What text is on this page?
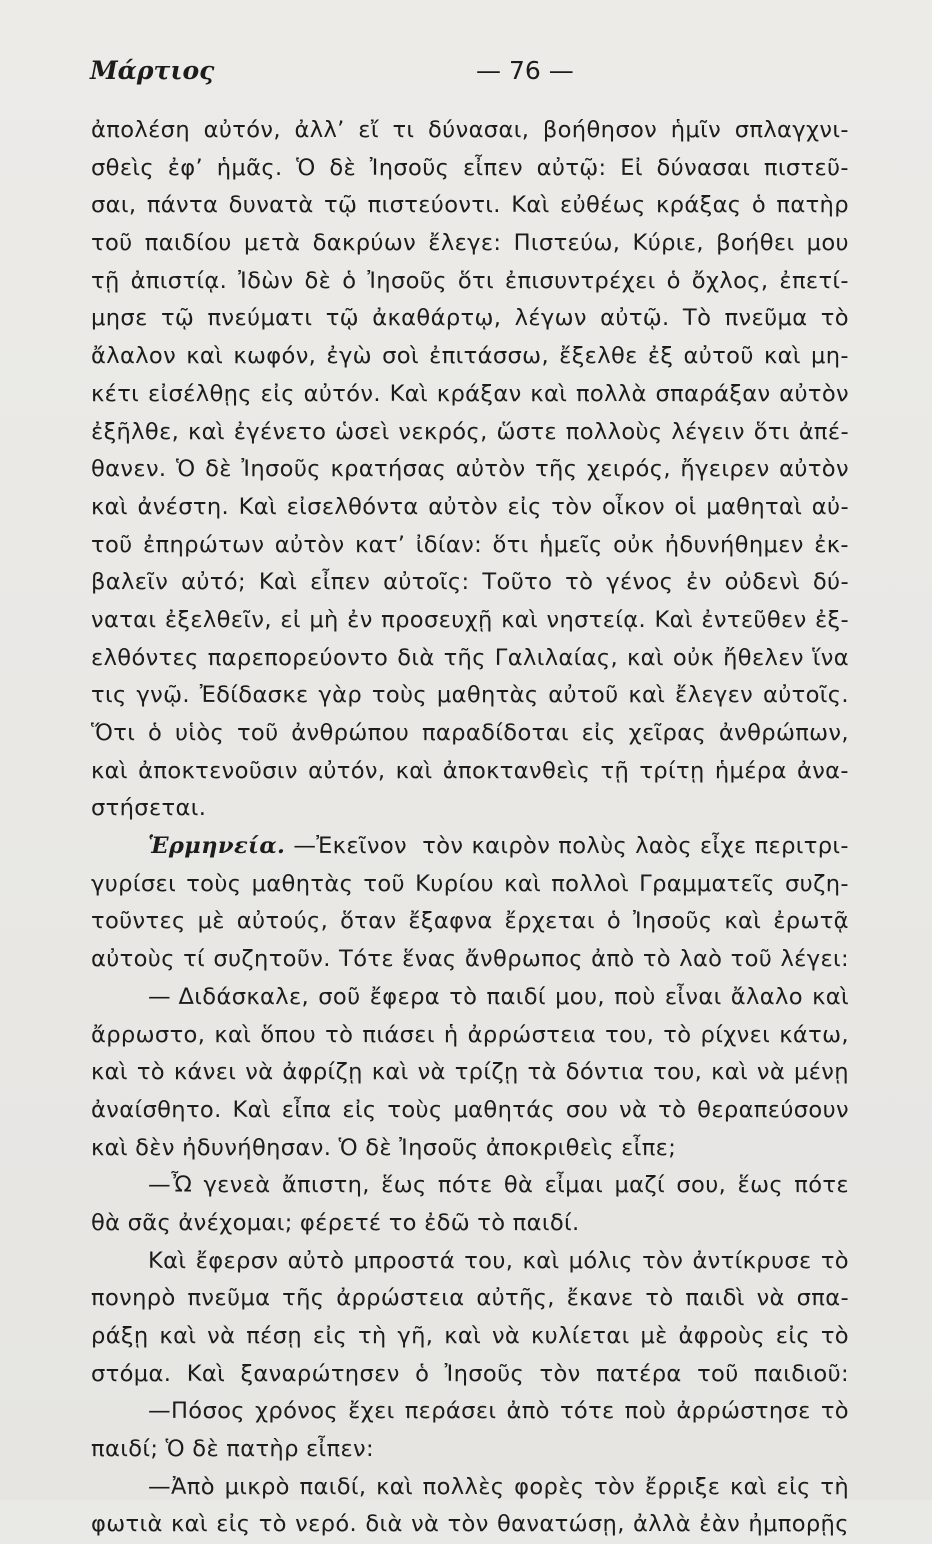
Μάρτιος	— 76 —
ἀπολέση αὐτόν, ἀλλ’ εἴ τι δύνασαι, βοήθησον ἡμῖν σπλαγχνι-
σθεὶς ἐφ’ ἡμᾶς. Ὁ δὲ Ἰησοῦς εἶπεν αὐτῷ: Εἰ δύνασαι πιστεῦ-
σαι, πάντα δυνατὰ τῷ πιστεύοντι. Καὶ εὐθέως κράξας ὁ πατὴρ
τοῦ παιδίου μετὰ δακρύων ἔλεγε: Πιστεύω, Κύριε, βοήθει μου
τῇ ἀπιστίᾳ. Ἰδὼν δὲ ὁ Ἰησοῦς ὅτι ἐπισυντρέχει ὁ ὄχλος, ἐπετί-
μησε τῷ πνεύματι τῷ ἀκαθάρτῳ, λέγων αὐτῷ. Τὸ πνεῦμα τὸ
ἄλαλον καὶ κωφόν, ἐγὼ σοὶ ἐπιτάσσω, ἔξελθε ἐξ αὐτοῦ καὶ μη-
κέτι εἰσέλθῃς εἰς αὐτόν. Καὶ κράξαν καὶ πολλὰ σπαράξαν αὐτὸν
ἐξῆλθε, καὶ ἐγένετο ὡσεὶ νεκρός, ὥστε πολλοὺς λέγειν ὅτι ἀπέ-
θανεν. Ὁ δὲ Ἰησοῦς κρατήσας αὐτὸν τῆς χειρός, ἤγειρεν αὐτὸν
καὶ ἀνέστη. Καὶ εἰσελθόντα αὐτὸν εἰς τὸν οἶκον οἱ μαθηταὶ αὐ-
τοῦ ἐπηρώτων αὐτὸν κατ’ ἰδίαν: ὅτι ἡμεῖς οὐκ ἠδυνήθημεν ἐκ-
βαλεῖν αὐτό; Καὶ εἶπεν αὐτοῖς: Τοῦτο τὸ γένος ἐν οὐδενὶ δύ-
ναται ἐξελθεῖν, εἰ μὴ ἐν προσευχῇ καὶ νηστείᾳ. Καὶ ἐντεῦθεν ἐξ-
ελθόντες παρεπορεύοντο διὰ τῆς Γαλιλαίας, καὶ οὐκ ἤθελεν ἵνα
τις γνῷ. Ἐδίδασκε γὰρ τοὺς μαθητὰς αὐτοῦ καὶ ἔλεγεν αὐτοῖς.
Ὅτι ὁ υἱὸς τοῦ ἀνθρώπου παραδίδοται εἰς χεῖρας ἀνθρώπων,
καὶ ἀποκτενοῦσιν αὐτόν, καὶ ἀποκτανθεὶς τῇ τρίτῃ ἡμέρα ἀνα-
στήσεται.
Ἑρμηνεία. —Ἐκεῖνον τὸν καιρὸν πολὺς λαὸς εἶχε περιτρι-
γυρίσει τοὺς μαθητὰς τοῦ Κυρίου καὶ πολλοὶ Γραμματεῖς συζη-
τοῦντες μὲ αὐτούς, ὅταν ἔξαφνα ἔρχεται ὁ Ἰησοῦς καὶ ἐρωτᾷ
αὐτοὺς τί συζητοῦν. Τότε ἕνας ἄνθρωπος ἀπὸ τὸ λαὸ τοῦ λέγει:
— Διδάσκαλε, σοῦ ἔφερα τὸ παιδί μου, ποὺ εἶναι ἄλαλο καὶ
ἄρρωστο, καὶ ὅπου τὸ πιάσει ἡ ἀρρώστεια του, τὸ ρίχνει κάτω,
καὶ τὸ κάνει νὰ ἀφρίζῃ καὶ νὰ τρίζῃ τὰ δόντια του, καὶ νὰ μένῃ
ἀναίσθητο. Καὶ εἶπα εἰς τοὺς μαθητάς σου νὰ τὸ θεραπεύσουν
καὶ δὲν ἠδυνήθησαν. Ὁ δὲ Ἰησοῦς ἀποκριθεὶς εἶπε;
—Ὦ γενεὰ ἄπιστη, ἕως πότε θὰ εἶμαι μαζί σου, ἕως πότε
θὰ σᾶς ἀνέχομαι; φέρετέ το ἐδῶ τὸ παιδί.
Καὶ ἔφερσν αὐτὸ μπροστά του, καὶ μόλις τὸν ἀντίκρυσε τὸ
πονηρὸ πνεῦμα τῆς ἀρρώστεια αὐτῆς, ἔκανε τὸ παιδὶ νὰ σπα-
ράξῃ καὶ νὰ πέσῃ εἰς τὴ γῆ, καὶ νὰ κυλίεται μὲ ἀφροὺς εἰς τὸ
στόμα. Καὶ ξαναρώτησεν ὁ Ἰησοῦς τὸν πατέρα τοῦ παιδιοῦ:
—Πόσος χρόνος ἔχει περάσει ἀπὸ τότε ποὺ ἀρρώστησε τὸ
παιδί; Ὁ δὲ πατὴρ εἶπεν:
—Ἀπὸ μικρὸ παιδί, καὶ πολλὲς φορὲς τὸν ἔρριξε καὶ εἰς τὴ
φωτιὰ καὶ εἰς τὸ νερό. διὰ νὰ τὸν θανατώσῃ, ἀλλὰ ἐὰν ἠμπορῇς
